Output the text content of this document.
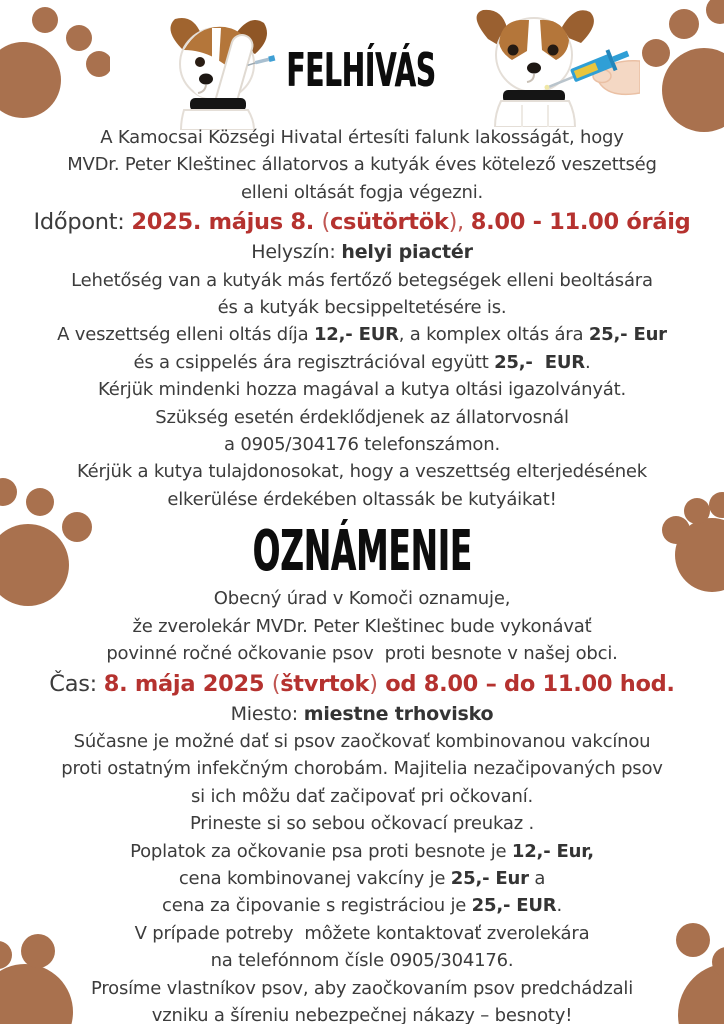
FELHÍVÁS
A Kamocsai Községi Hivatal értesíti falunk lakosságát, hogy
MVDr. Peter Kleštinec állatorvos a kutyák éves kötelező veszettség
elleni oltását fogja végezni.
Időpont: 2025. május 8. (csütörtök), 8.00 - 11.00 óráig
Helyszín: helyi piactér
Lehetőség van a kutyák más fertőző betegségek elleni beoltására
és a kutyák becsippeltetésére is.
A veszettség elleni oltás díja 12,- EUR, a komplex oltás ára 25,- Eur
és a csippelés ára regisztrációval együtt 25,-  EUR.
Kérjük mindenki hozza magával a kutya oltási igazolványát.
Szükség esetén érdeklődjenek az állatorvosnál
a 0905/304176 telefonszámon.
Kérjük a kutya tulajdonosokat, hogy a veszettség elterjedésének
elkerülése érdekében oltassák be kutyáikat!
OZNÁMENIE
Obecný úrad v Komoči oznamuje,
že zverolekár MVDr. Peter Kleštinec bude vykonávať
povinné ročné očkovanie psov  proti besnote v našej obci.
Čas: 8. mája 2025 (štvrtok) od 8.00 – do 11.00 hod.
Miesto: miestne trhovisko
Súčasne je možné dať si psov zaočkovať kombinovanou vakcínou
proti ostatným infekčným chorobám. Majitelia nezačipovaných psov
si ich môžu dať začipovať pri očkovaní.
Prineste si so sebou očkovací preukaz .
Poplatok za očkovanie psa proti besnote je 12,- Eur,
cena kombinovanej vakcíny je 25,- Eur a
cena za čipovanie s registráciou je 25,- EUR.
V prípade potreby  môžete kontaktovať zverolekára
na telefónnom čísle 0905/304176.
Prosíme vlastníkov psov, aby zaočkovaním psov predchádzali
vzniku a šíreniu nebezpečnej nákazy – besnoty!
